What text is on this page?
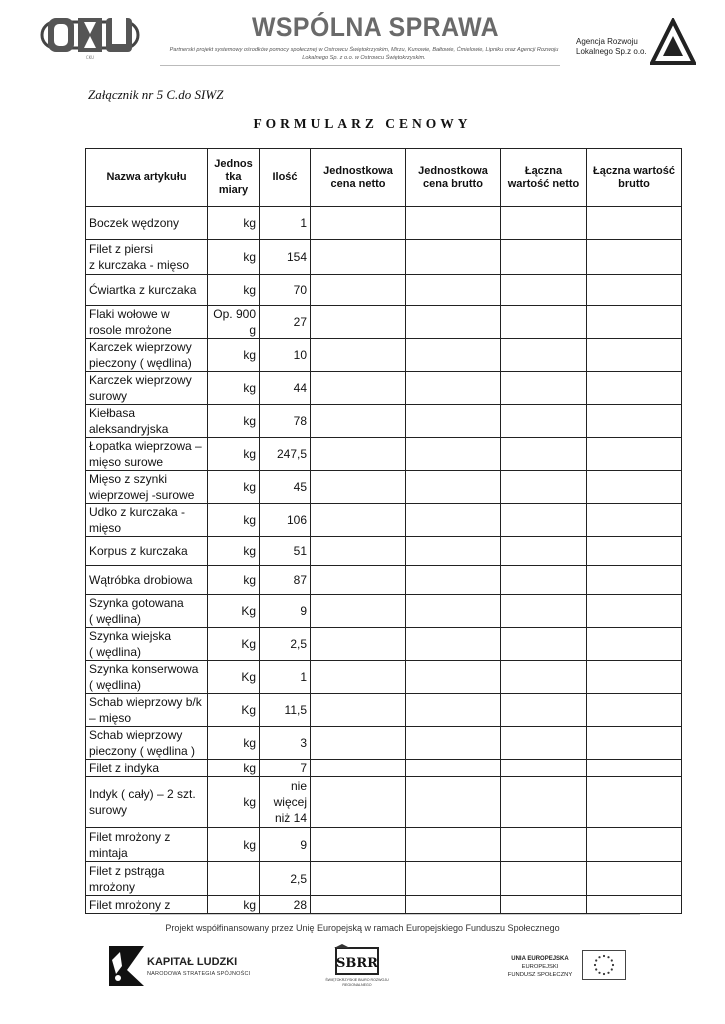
CKU
WSPÓLNA SPRAWA
Partnerski projekt systemowy ośrodków pomocy społecznej w Ostrowcu Świętokrzyskim, Mirzu, Kunowie, Bałtowie, Ćmielowie, Lipniku oraz Agencji Rozwoju Lokalnego Sp. z o.o. w Ostrowcu Świętokrzyskim.
Agencja Rozwoju
Lokalnego Sp.z o.o.
Załącznik nr 5 C.do SIWZ
FORMULARZ CENOWY
Nazwa artykułu	Jednos tka miary	Ilość	Jednostkowa cena netto	Jednostkowa cena brutto	Łączna wartość netto	Łączna wartość brutto
Boczek wędzony	kg	1				
Filet z piersi
z kurczaka - mięso	kg	154				
Ćwiartka z kurczaka	kg	70				
Flaki wołowe w rosole mrożone	Op. 900 g	27				
Karczek wieprzowy pieczony ( wędlina)	kg	10				
Karczek wieprzowy surowy	kg	44				
Kiełbasa aleksandryjska	kg	78				
Łopatka wieprzowa – mięso surowe	kg	247,5				
Mięso z szynki wieprzowej -surowe	kg	45				
Udko z kurczaka - mięso	kg	106				
Korpus z kurczaka	kg	51				
Wątróbka drobiowa	kg	87				
Szynka gotowana
( wędlina)	Kg	9				
Szynka wiejska
( wędlina)	Kg	2,5				
Szynka konserwowa
( wędlina)	Kg	1				
Schab wieprzowy b/k – mięso	Kg	11,5				
Schab wieprzowy pieczony ( wędlina )	kg	3				
Filet z indyka	kg	7				
Indyk ( cały) – 2 szt. surowy	kg	nie więcej niż 14				
Filet mrożony z mintaja	kg	9				
Filet z pstrąga mrożony		2,5				
Filet mrożony z	kg	28				
Projekt współfinansowany przez Unię Europejską w ramach Europejskiego Funduszu Społecznego
KAPITAŁ LUDZKI
NARODOWA STRATEGIA SPÓJNOŚCI
SBRR
ŚWIĘTOKRZYSKIE BIURO ROZWOJU REGIONALNEGO
UNIA EUROPEJSKA
EUROPEJSKI
FUNDUSZ SPOŁECZNY
